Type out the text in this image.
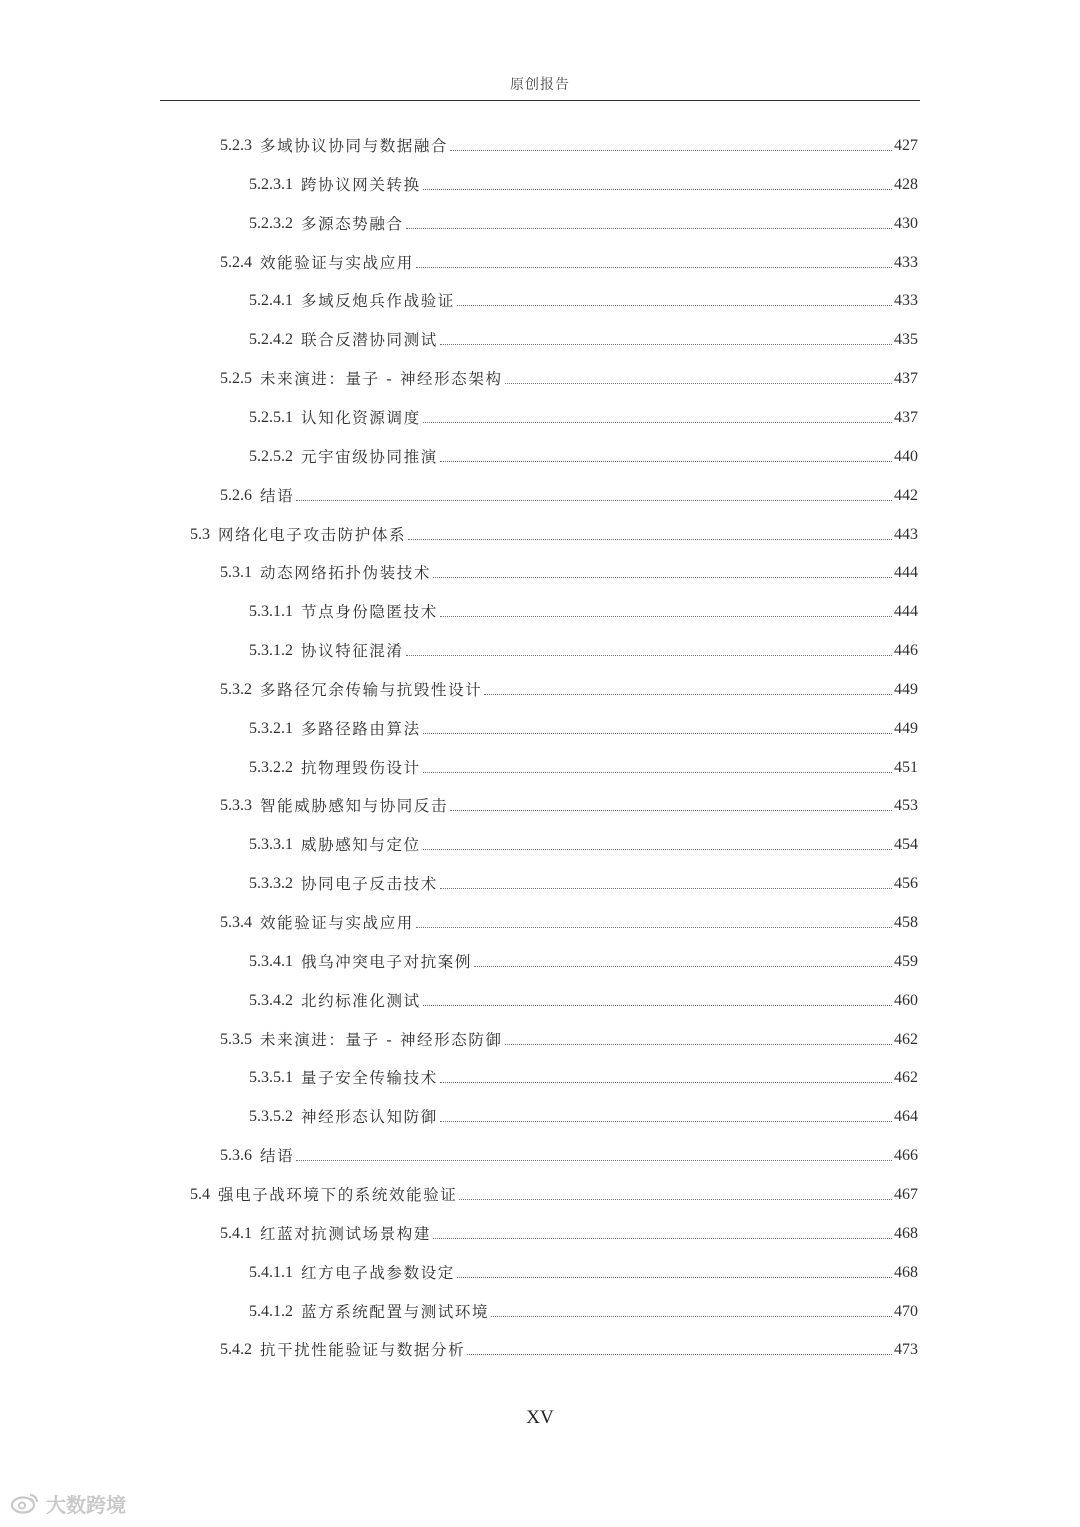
原创报告
5.2.3 多域协议协同与数据融合	427
5.2.3.1 跨协议网关转换	428
5.2.3.2 多源态势融合	430
5.2.4 效能验证与实战应用	433
5.2.4.1 多域反炮兵作战验证	433
5.2.4.2 联合反潜协同测试	435
5.2.5 未来演进：量子 - 神经形态架构	437
5.2.5.1 认知化资源调度	437
5.2.5.2 元宇宙级协同推演	440
5.2.6 结语	442
5.3 网络化电子攻击防护体系	443
5.3.1 动态网络拓扑伪装技术	444
5.3.1.1 节点身份隐匿技术	444
5.3.1.2 协议特征混淆	446
5.3.2 多路径冗余传输与抗毁性设计	449
5.3.2.1 多路径路由算法	449
5.3.2.2 抗物理毁伤设计	451
5.3.3 智能威胁感知与协同反击	453
5.3.3.1 威胁感知与定位	454
5.3.3.2 协同电子反击技术	456
5.3.4 效能验证与实战应用	458
5.3.4.1 俄乌冲突电子对抗案例	459
5.3.4.2 北约标准化测试	460
5.3.5 未来演进：量子 - 神经形态防御	462
5.3.5.1 量子安全传输技术	462
5.3.5.2 神经形态认知防御	464
5.3.6 结语	466
5.4 强电子战环境下的系统效能验证	467
5.4.1 红蓝对抗测试场景构建	468
5.4.1.1 红方电子战参数设定	468
5.4.1.2 蓝方系统配置与测试环境	470
5.4.2 抗干扰性能验证与数据分析	473
XV
大数跨境
